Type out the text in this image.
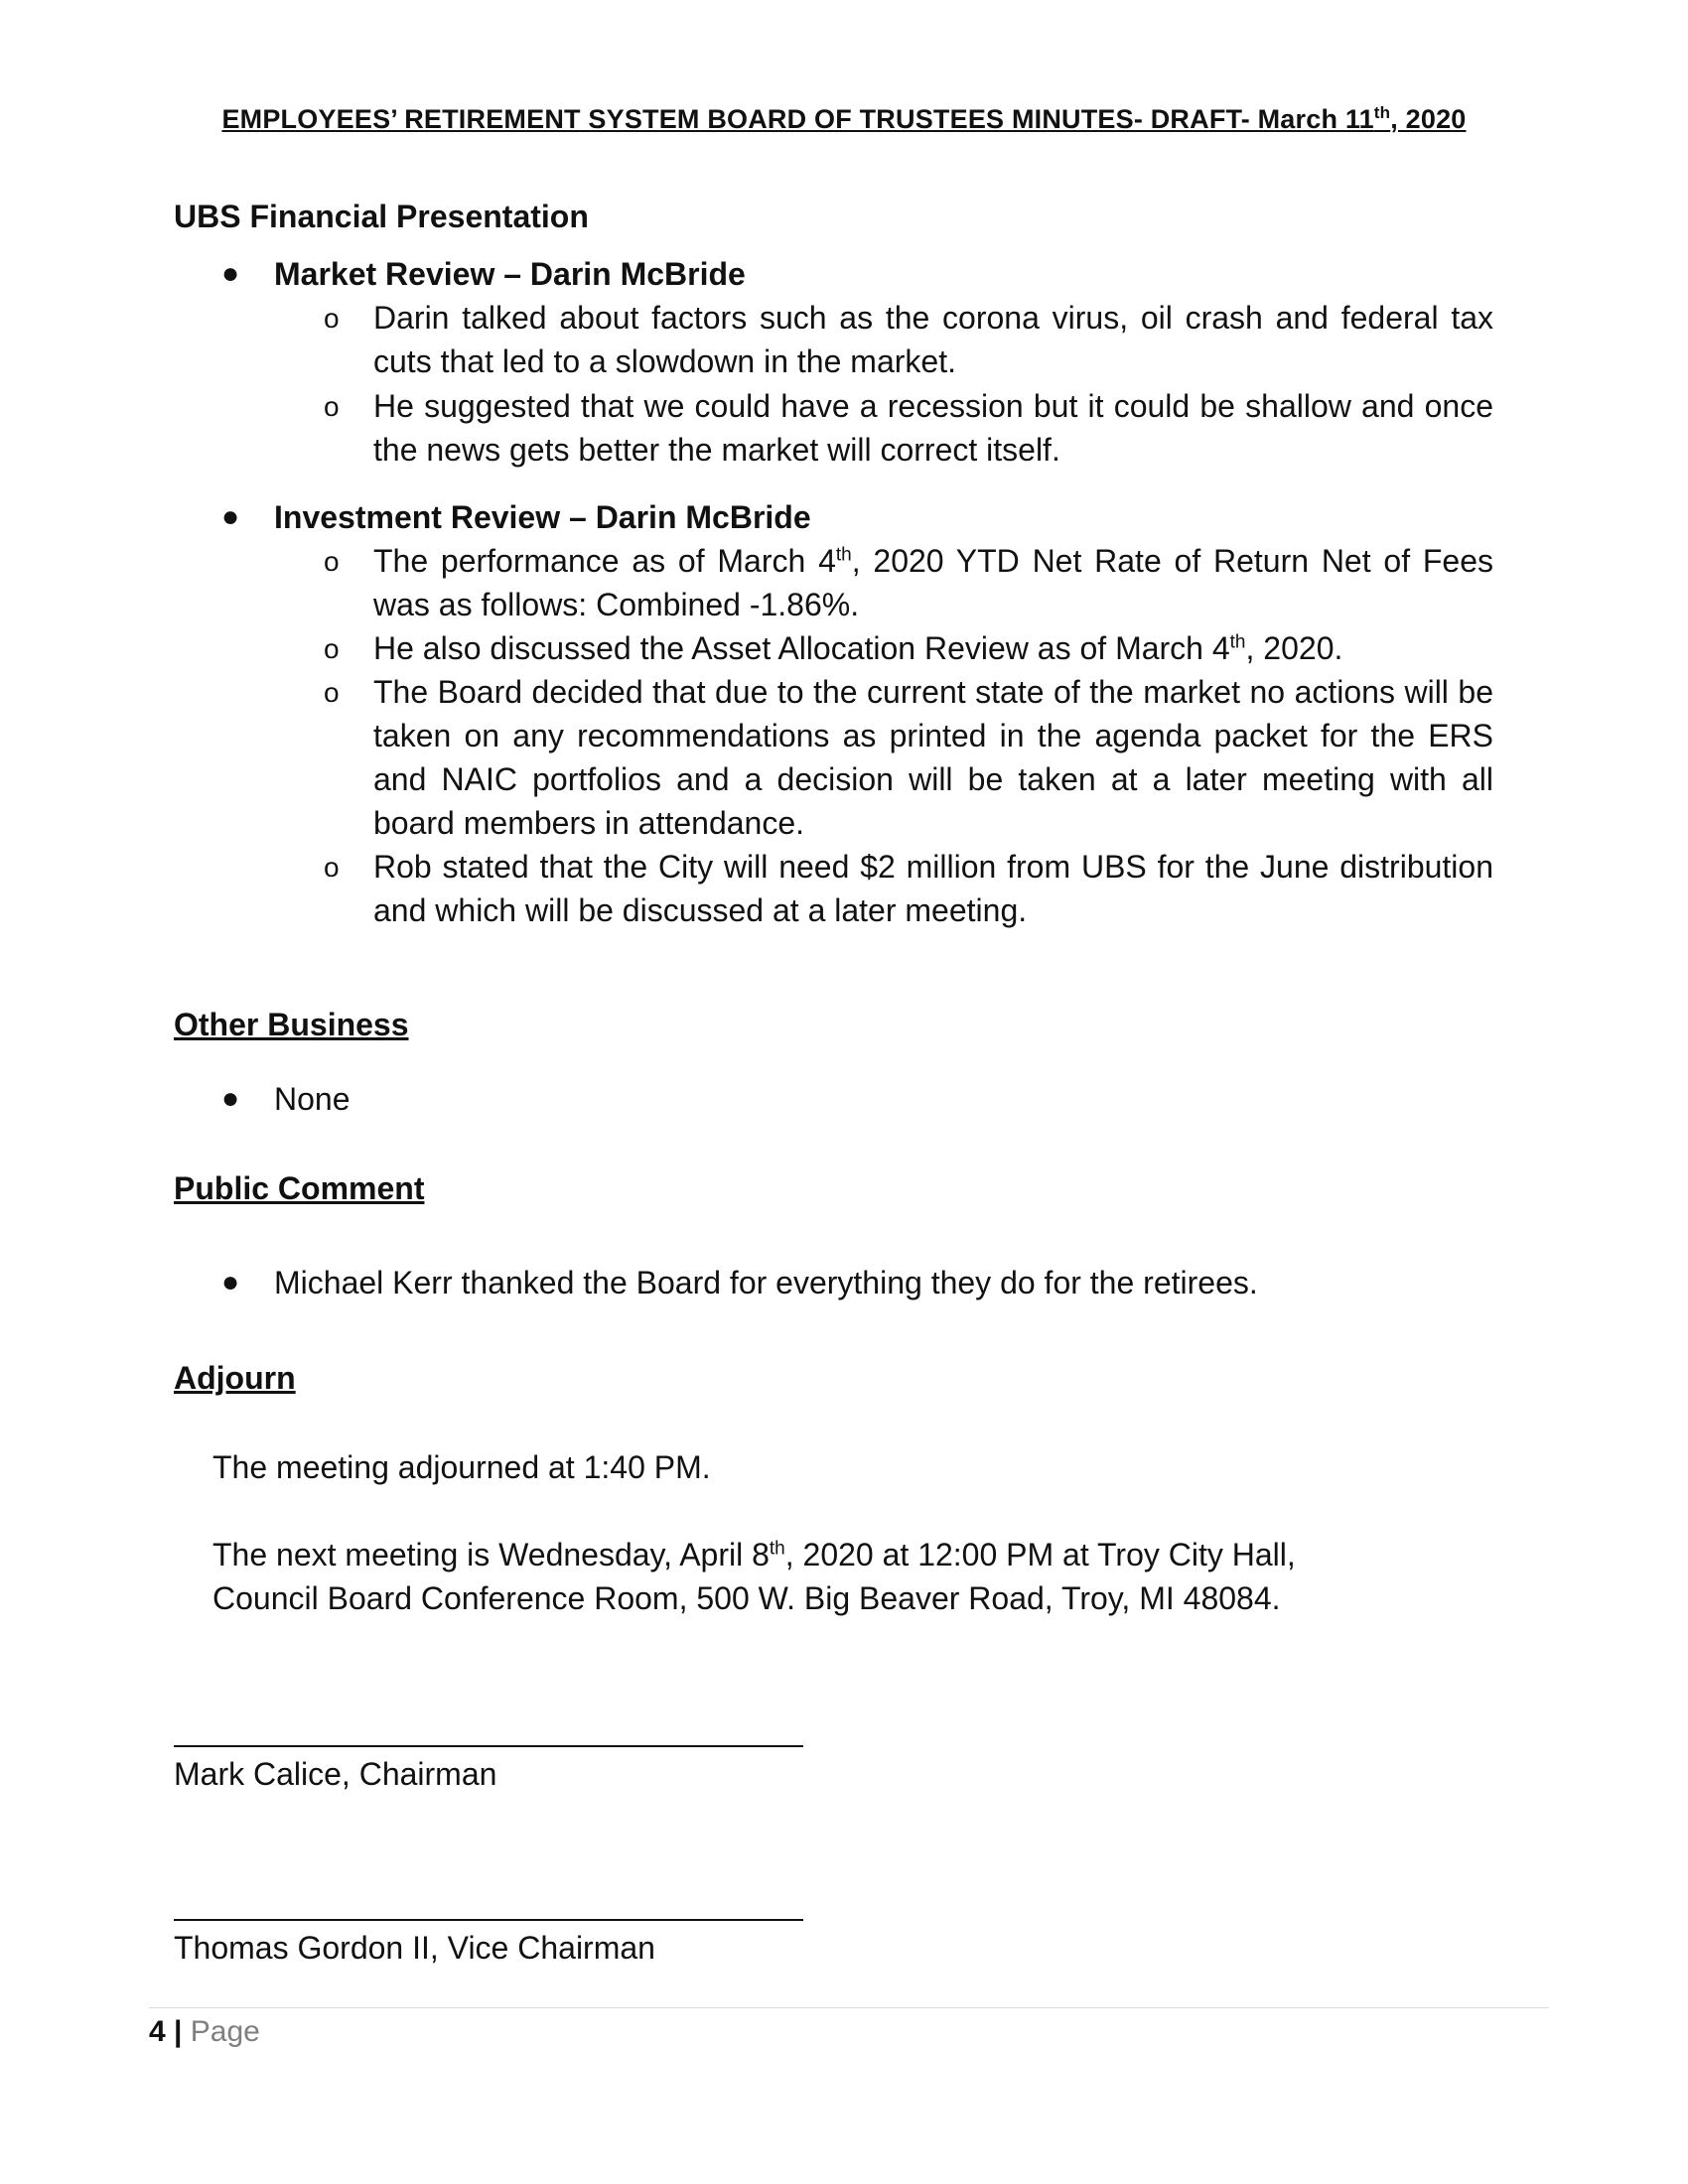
EMPLOYEES’ RETIREMENT SYSTEM BOARD OF TRUSTEES MINUTES- DRAFT- March 11th, 2020
UBS Financial Presentation
● Market Review – Darin McBride
o Darin talked about factors such as the corona virus, oil crash and federal tax cuts that led to a slowdown in the market.
o He suggested that we could have a recession but it could be shallow and once the news gets better the market will correct itself.
● Investment Review – Darin McBride
o The performance as of March 4th, 2020 YTD Net Rate of Return Net of Fees was as follows: Combined -1.86%.
o He also discussed the Asset Allocation Review as of March 4th, 2020.
o The Board decided that due to the current state of the market no actions will be taken on any recommendations as printed in the agenda packet for the ERS and NAIC portfolios and a decision will be taken at a later meeting with all board members in attendance.
o Rob stated that the City will need $2 million from UBS for the June distribution and which will be discussed at a later meeting.
Other Business
● None
Public Comment
● Michael Kerr thanked the Board for everything they do for the retirees.
Adjourn
The meeting adjourned at 1:40 PM.
The next meeting is Wednesday, April 8th, 2020 at 12:00 PM at Troy City Hall,
Council Board Conference Room, 500 W. Big Beaver Road, Troy, MI 48084.
Mark Calice, Chairman
Thomas Gordon II, Vice Chairman
4 | Page
